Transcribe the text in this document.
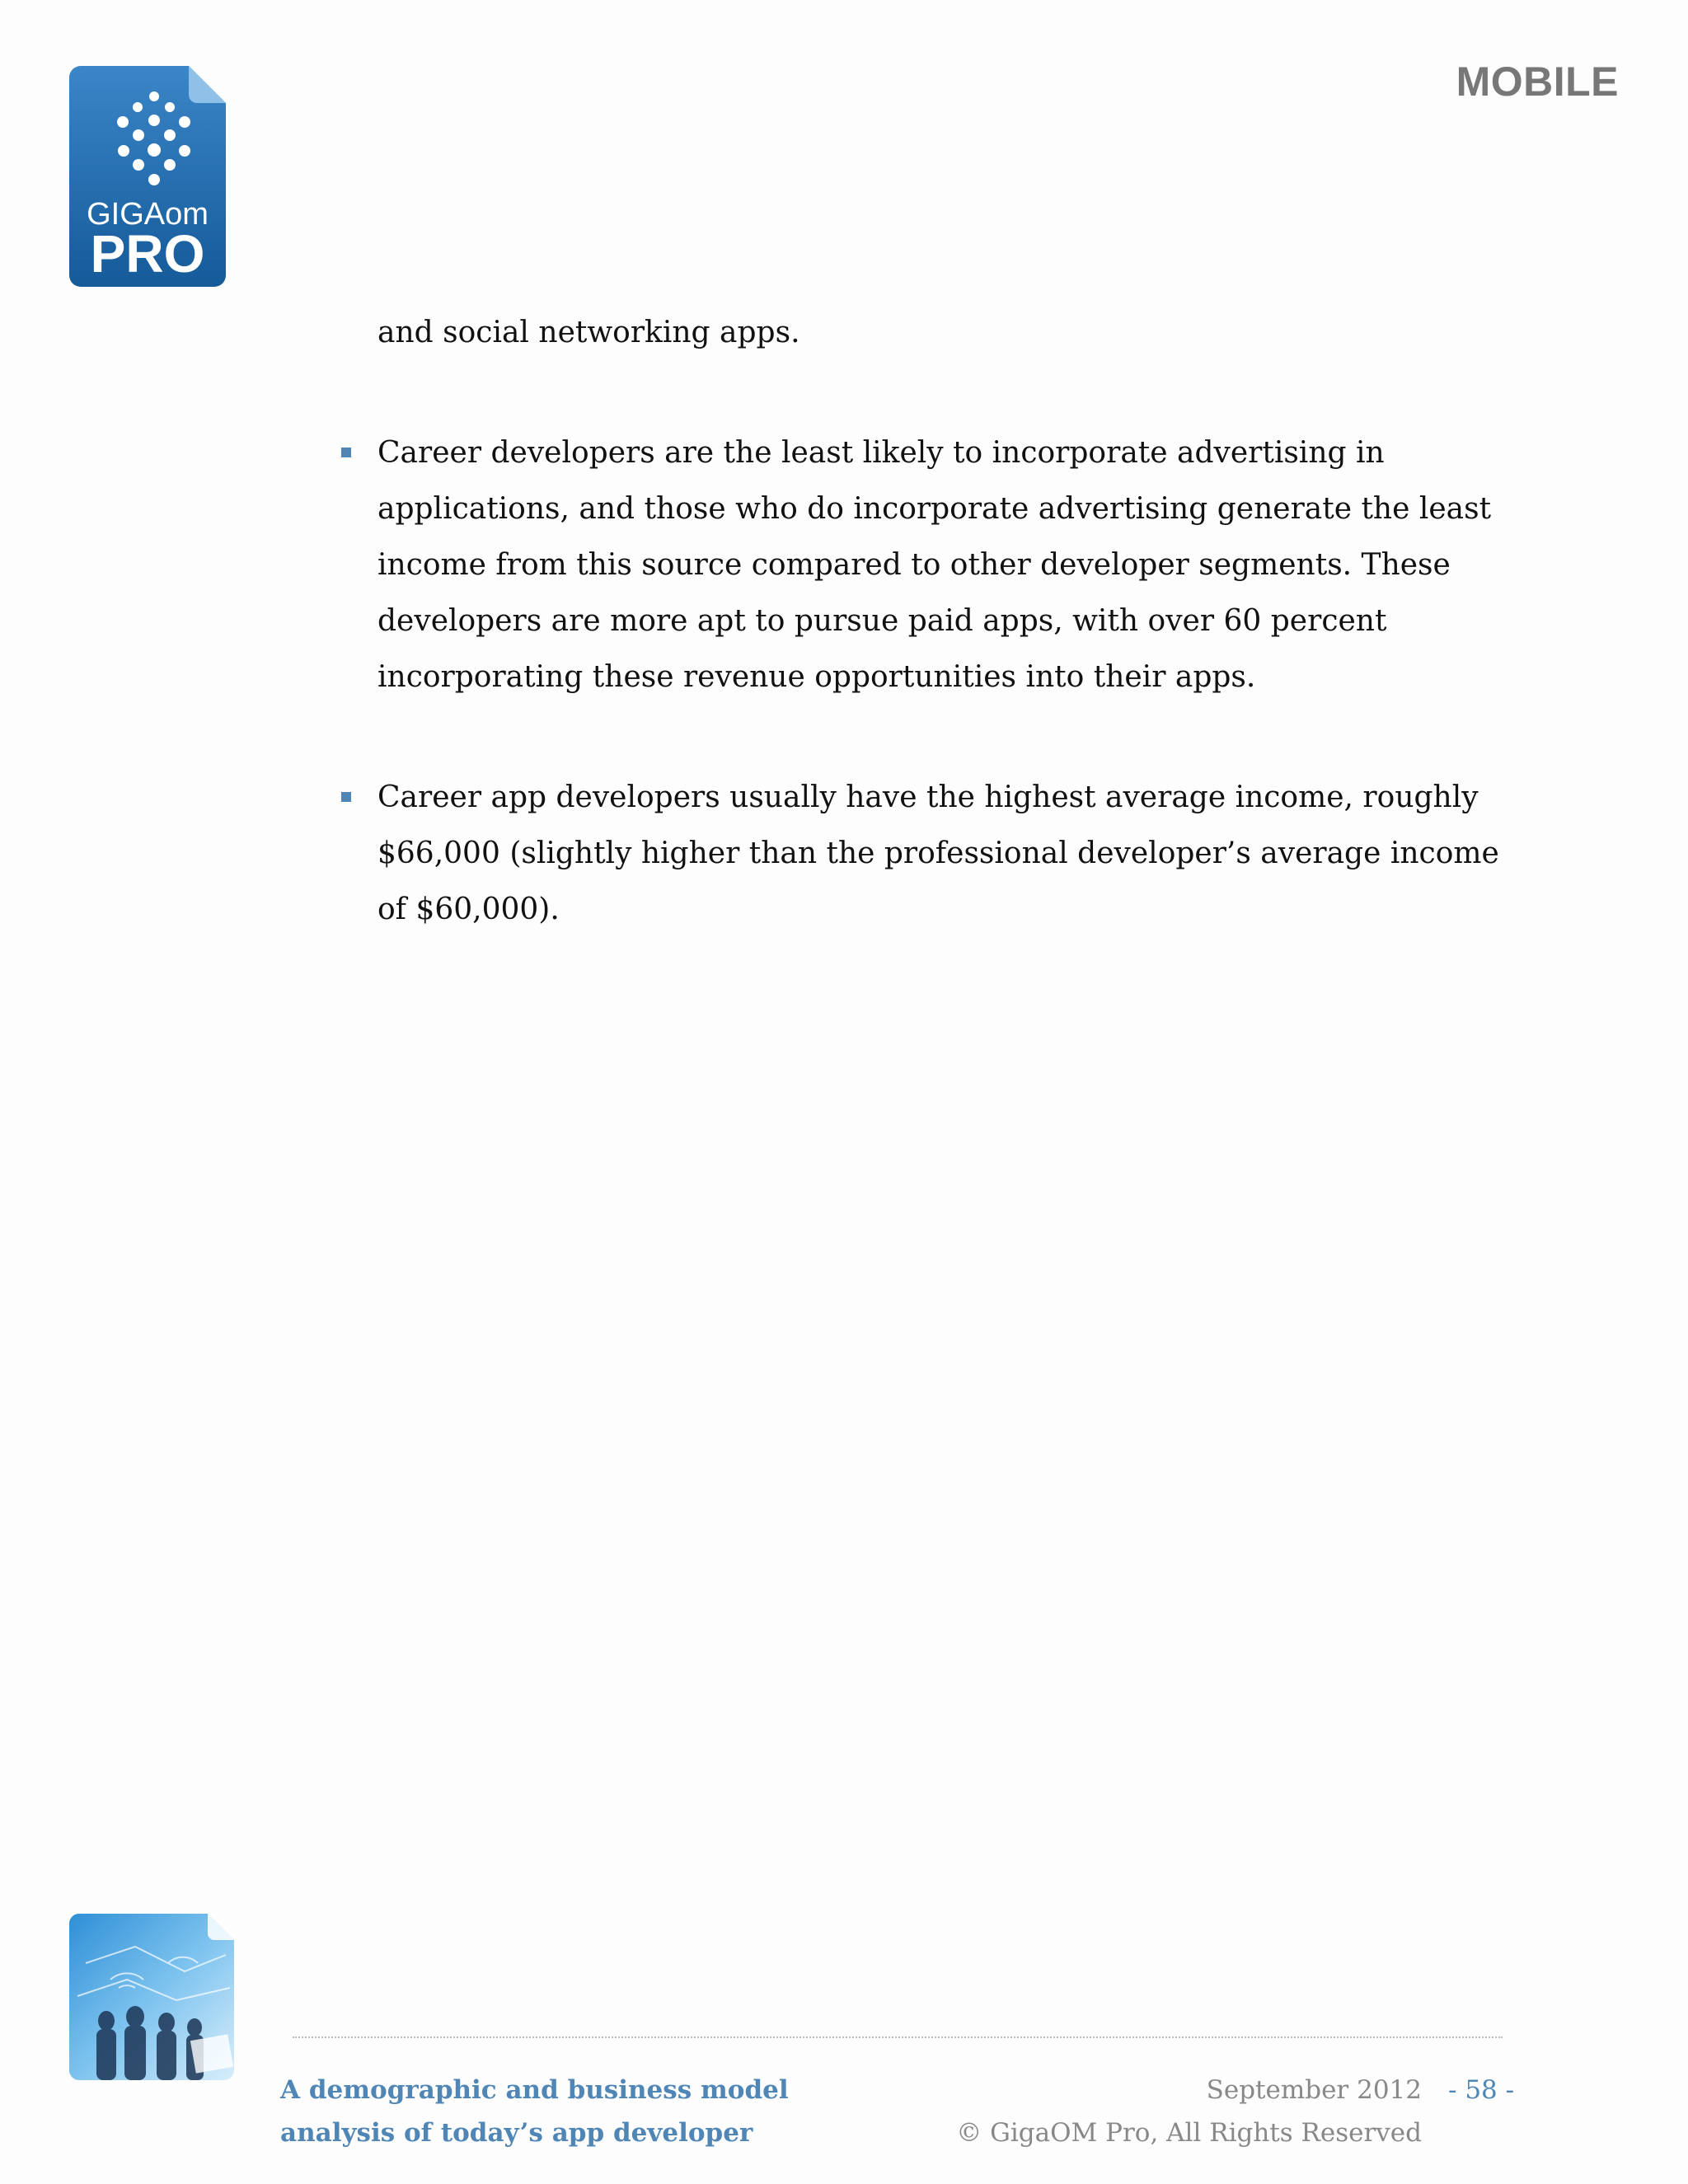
GIGAom
PRO
MOBILE

and social networking apps.

Career developers are the least likely to incorporate advertising in applications, and those who do incorporate advertising generate the least income from this source compared to other developer segments. These developers are more apt to pursue paid apps, with over 60 percent incorporating these revenue opportunities into their apps.
Career app developers usually have the highest average income, roughly $66,000 (slightly higher than the professional developer’s average income of $60,000).
A demographic and business model
analysis of today’s app developer
September 2012 - 58 -
© GigaOM Pro, All Rights Reserved
